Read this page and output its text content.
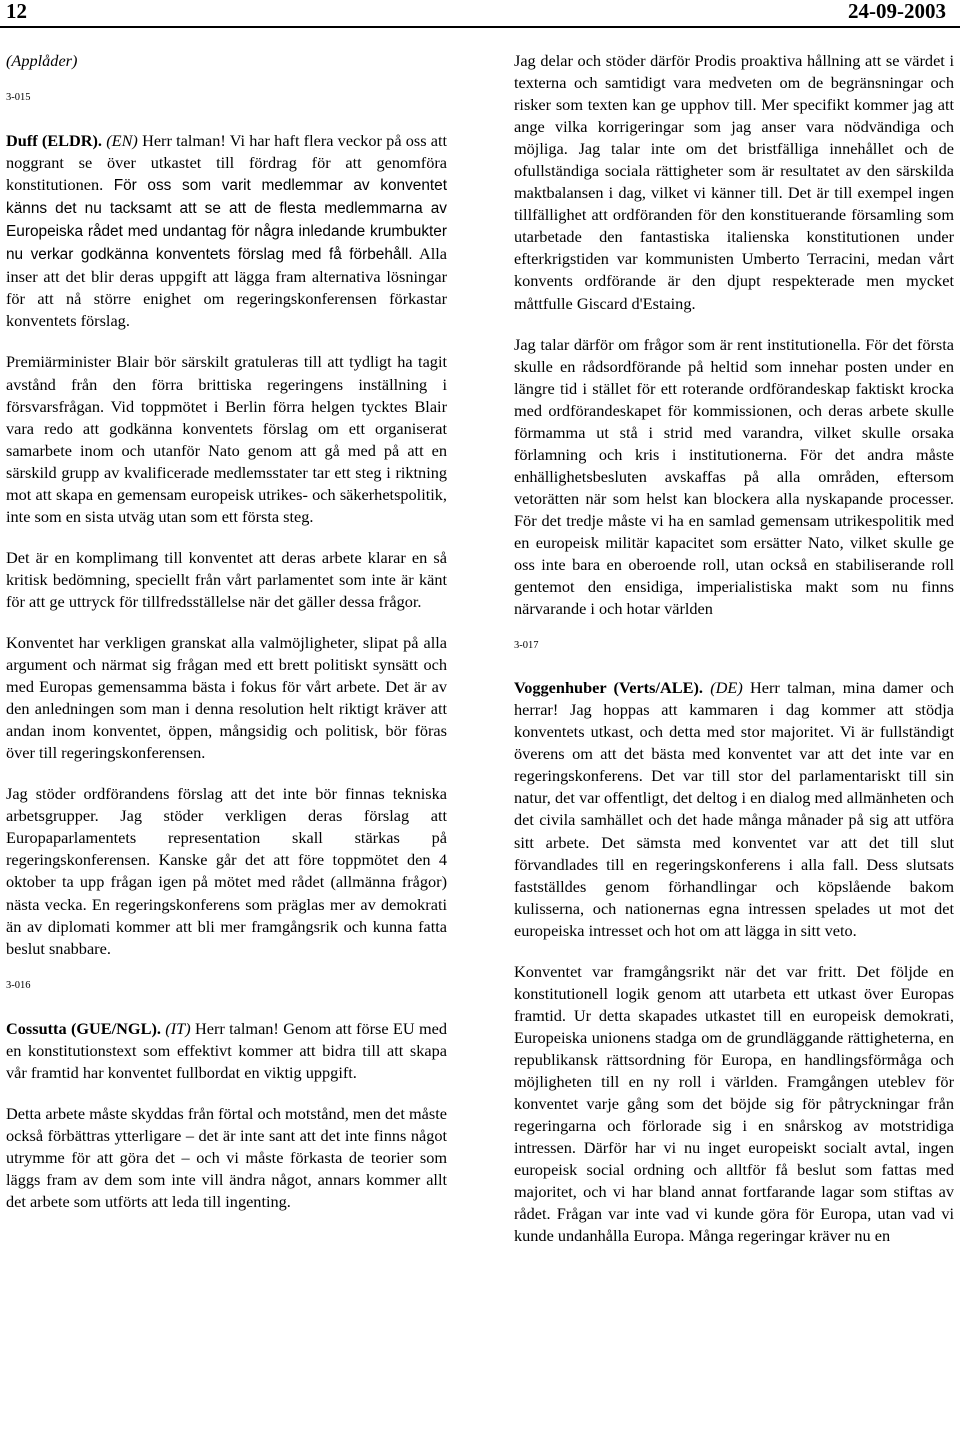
12	24-09-2003

(Applåder)

3-015

Duff (ELDR). (EN) Herr talman! Vi har haft flera veckor på oss att noggrant se över utkastet till fördrag för att genomföra konstitutionen. För oss som varit medlemmar av konventet känns det nu tacksamt att se att de flesta medlemmarna av Europeiska rådet med undantag för några inledande krumbukter nu verkar godkänna konventets förslag med få förbehåll. Alla inser att det blir deras uppgift att lägga fram alternativa lösningar för att nå större enighet om regeringskonferensen förkastar konventets förslag.

Premiärminister Blair bör särskilt gratuleras till att tydligt ha tagit avstånd från den förra brittiska regeringens inställning i försvarsfrågan. Vid toppmötet i Berlin förra helgen tycktes Blair vara redo att godkänna konventets förslag om ett organiserat samarbete inom och utanför Nato genom att gå med på att en särskild grupp av kvalificerade medlemsstater tar ett steg i riktning mot att skapa en gemensam europeisk utrikes- och säkerhetspolitik, inte som en sista utväg utan som ett första steg.

Det är en komplimang till konventet att deras arbete klarar en så kritisk bedömning, speciellt från vårt parlamentet som inte är känt för att ge uttryck för tillfredsställelse när det gäller dessa frågor.

Konventet har verkligen granskat alla valmöjligheter, slipat på alla argument och närmat sig frågan med ett brett politiskt synsätt och med Europas gemensamma bästa i fokus för vårt arbete. Det är av den anledningen som man i denna resolution helt riktigt kräver att andan inom konventet, öppen, mångsidig och politisk, bör föras över till regeringskonferensen.

Jag stöder ordförandens förslag att det inte bör finnas tekniska arbetsgrupper. Jag stöder verkligen deras förslag att Europaparlamentets representation skall stärkas på regeringskonferensen. Kanske går det att före toppmötet den 4 oktober ta upp frågan igen på mötet med rådet (allmänna frågor) nästa vecka. En regeringskonferens som präglas mer av demokrati än av diplomati kommer att bli mer framgångsrik och kunna fatta beslut snabbare.

3-016

Cossutta (GUE/NGL). (IT) Herr talman! Genom att förse EU med en konstitutionstext som effektivt kommer att bidra till att skapa vår framtid har konventet fullbordat en viktig uppgift.

Detta arbete måste skyddas från förtal och motstånd, men det måste också förbättras ytterligare – det är inte sant att det inte finns något utrymme för att göra det – och vi måste förkasta de teorier som läggs fram av dem som inte vill ändra något, annars kommer allt det arbete som utförts att leda till ingenting.

Jag delar och stöder därför Prodis proaktiva hållning att se värdet i texterna och samtidigt vara medveten om de begränsningar och risker som texten kan ge upphov till. Mer specifikt kommer jag att ange vilka korrigeringar som jag anser vara nödvändiga och möjliga. Jag talar inte om det bristfälliga innehållet och de ofullständiga sociala rättigheter som är resultatet av den särskilda maktbalansen i dag, vilket vi känner till. Det är till exempel ingen tillfällighet att ordföranden för den konstituerande församling som utarbetade den fantastiska italienska konstitutionen under efterkrigstiden var kommunisten Umberto Terracini, medan vårt konvents ordförande är den djupt respekterade men mycket måttfulle Giscard d'Estaing.

Jag talar därför om frågor som är rent institutionella. För det första skulle en rådsordförande på heltid som innehar posten under en längre tid i stället för ett roterande ordförandeskap faktiskt krocka med ordförandeskapet för kommissionen, och deras arbete skulle förmamma ut stå i strid med varandra, vilket skulle orsaka förlamning och kris i institutionerna. För det andra måste enhällighetsbesluten avskaffas på alla områden, eftersom vetorätten när som helst kan blockera alla nyskapande processer. För det tredje måste vi ha en samlad gemensam utrikespolitik med en europeisk militär kapacitet som ersätter Nato, vilket skulle ge oss inte bara en oberoende roll, utan också en stabiliserande roll gentemot den ensidiga, imperialistiska makt som nu finns närvarande i och hotar världen

3-017

Voggenhuber (Verts/ALE). (DE) Herr talman, mina damer och herrar! Jag hoppas att kammaren i dag kommer att stödja konventets utkast, och detta med stor majoritet. Vi är fullständigt överens om att det bästa med konventet var att det inte var en regeringskonferens. Det var till stor del parlamentariskt till sin natur, det var offentligt, det deltog i en dialog med allmänheten och det civila samhället och det hade många månader på sig att utföra sitt arbete. Det sämsta med konventet var att det till slut förvandlades till en regeringskonferens i alla fall. Dess slutsats fastställdes genom förhandlingar och köpslående bakom kulisserna, och nationernas egna intressen spelades ut mot det europeiska intresset och hot om att lägga in sitt veto.

Konventet var framgångsrikt när det var fritt. Det följde en konstitutionell logik genom att utarbeta ett utkast över Europas framtid. Ur detta skapades utkastet till en europeisk demokrati, Europeiska unionens stadga om de grundläggande rättigheterna, en republikansk rättsordning för Europa, en handlingsförmåga och möjligheten till en ny roll i världen. Framgången uteblev för konventet varje gång som det böjde sig för påtryckningar från regeringarna och förlorade sig i en snårskog av motstridiga intressen. Därför har vi nu inget europeiskt socialt avtal, ingen europeisk social ordning och alltför få beslut som fattas med majoritet, och vi har bland annat fortfarande lagar som stiftas av rådet. Frågan var inte vad vi kunde göra för Europa, utan vad vi kunde undanhålla Europa. Många regeringar kräver nu en
